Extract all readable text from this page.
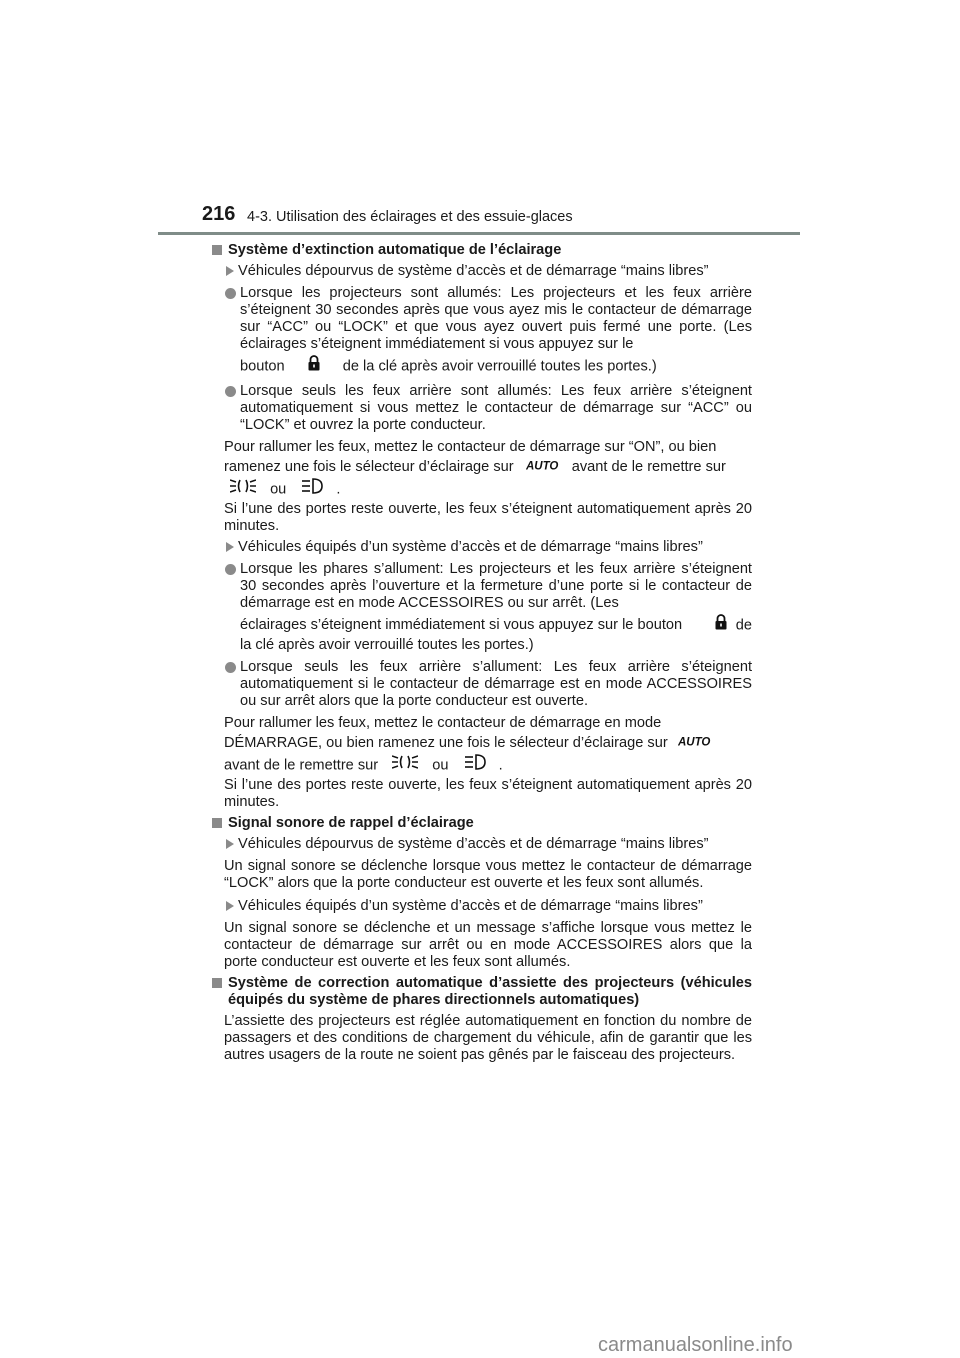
216 4-3. Utilisation des éclairages et des essuie-glaces
Système d’extinction automatique de l’éclairage
Véhicules dépourvus de système d’accès et de démarrage “mains libres”
Lorsque les projecteurs sont allumés: Les projecteurs et les feux arrière s’éteignent 30 secondes après que vous ayez mis le contacteur de démarrage sur “ACC” ou “LOCK” et que vous ayez ouvert puis fermé une porte. (Les éclairages s’éteignent immédiatement si vous appuyez sur le
bouton	de la clé après avoir verrouillé toutes les portes.)
Lorsque seuls les feux arrière sont allumés: Les feux arrière s’éteignent automatiquement si vous mettez le contacteur de démarrage sur “ACC” ou “LOCK” et ouvrez la porte conducteur.
Pour rallumer les feux, mettez le contacteur de démarrage sur “ON”, ou bien
ramenez une fois le sélecteur d’éclairage sur AUTO avant de le remettre sur
ou	.
Si l’une des portes reste ouverte, les feux s’éteignent automatiquement après 20 minutes.
Véhicules équipés d’un système d’accès et de démarrage “mains libres”
Lorsque les phares s’allument: Les projecteurs et les feux arrière s’éteignent 30 secondes après l’ouverture et la fermeture d’une porte si le contacteur de démarrage est en mode ACCESSOIRES ou sur arrêt. (Les
éclairages s’éteignent immédiatement si vous appuyez sur le bouton	de
la clé après avoir verrouillé toutes les portes.)
Lorsque seuls les feux arrière s’allument: Les feux arrière s’éteignent automatiquement si le contacteur de démarrage est en mode ACCESSOIRES ou sur arrêt alors que la porte conducteur est ouverte.
Pour rallumer les feux, mettez le contacteur de démarrage en mode
DÉMARRAGE, ou bien ramenez une fois le sélecteur d’éclairage sur AUTO
avant de le remettre sur	ou	.
Si l’une des portes reste ouverte, les feux s’éteignent automatiquement après 20 minutes.
Signal sonore de rappel d’éclairage
Véhicules dépourvus de système d’accès et de démarrage “mains libres”
Un signal sonore se déclenche lorsque vous mettez le contacteur de démarrage “LOCK” alors que la porte conducteur est ouverte et les feux sont allumés.
Véhicules équipés d’un système d’accès et de démarrage “mains libres”
Un signal sonore se déclenche et un message s’affiche lorsque vous mettez le contacteur de démarrage sur arrêt ou en mode ACCESSOIRES alors que la porte conducteur est ouverte et les feux sont allumés.
Système de correction automatique d’assiette des projecteurs (véhicules équipés du système de phares directionnels automatiques)
L’assiette des projecteurs est réglée automatiquement en fonction du nombre de passagers et des conditions de chargement du véhicule, afin de garantir que les autres usagers de la route ne soient pas gênés par le faisceau des projecteurs.
carmanualsonline.info
